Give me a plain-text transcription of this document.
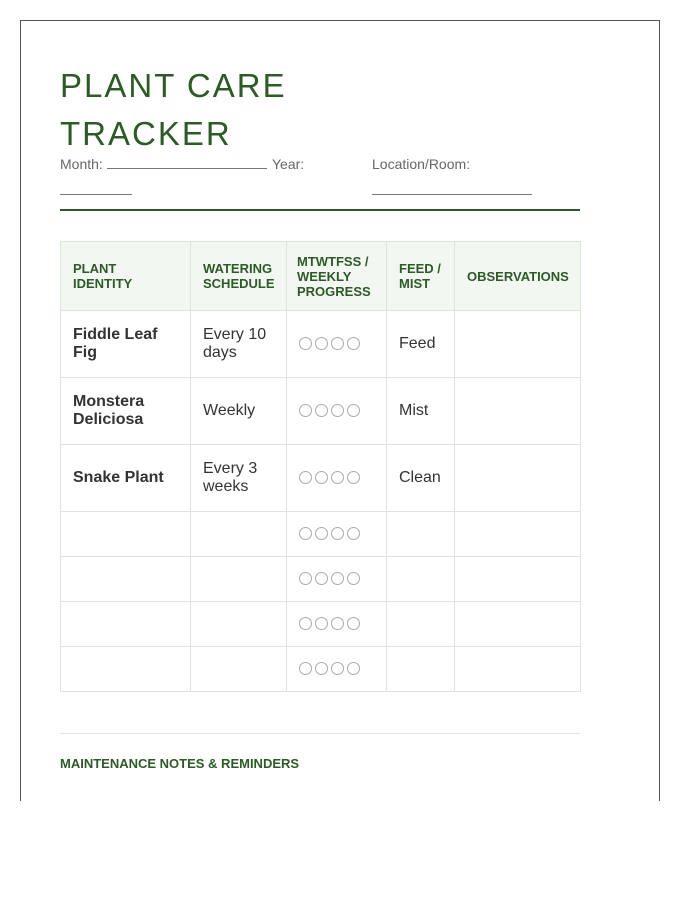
PLANT CARE TRACKER
Month:	Year:	Location/Room:
PLANT IDENTITY	WATERING SCHEDULE	MTWTFSS / WEEKLY PROGRESS	FEED / MIST	OBSERVATIONS
Fiddle Leaf Fig	Every 10 days		Feed	
Monstera Deliciosa	Weekly		Mist	
Snake Plant	Every 3 weeks		Clean	

MAINTENANCE NOTES & REMINDERS
